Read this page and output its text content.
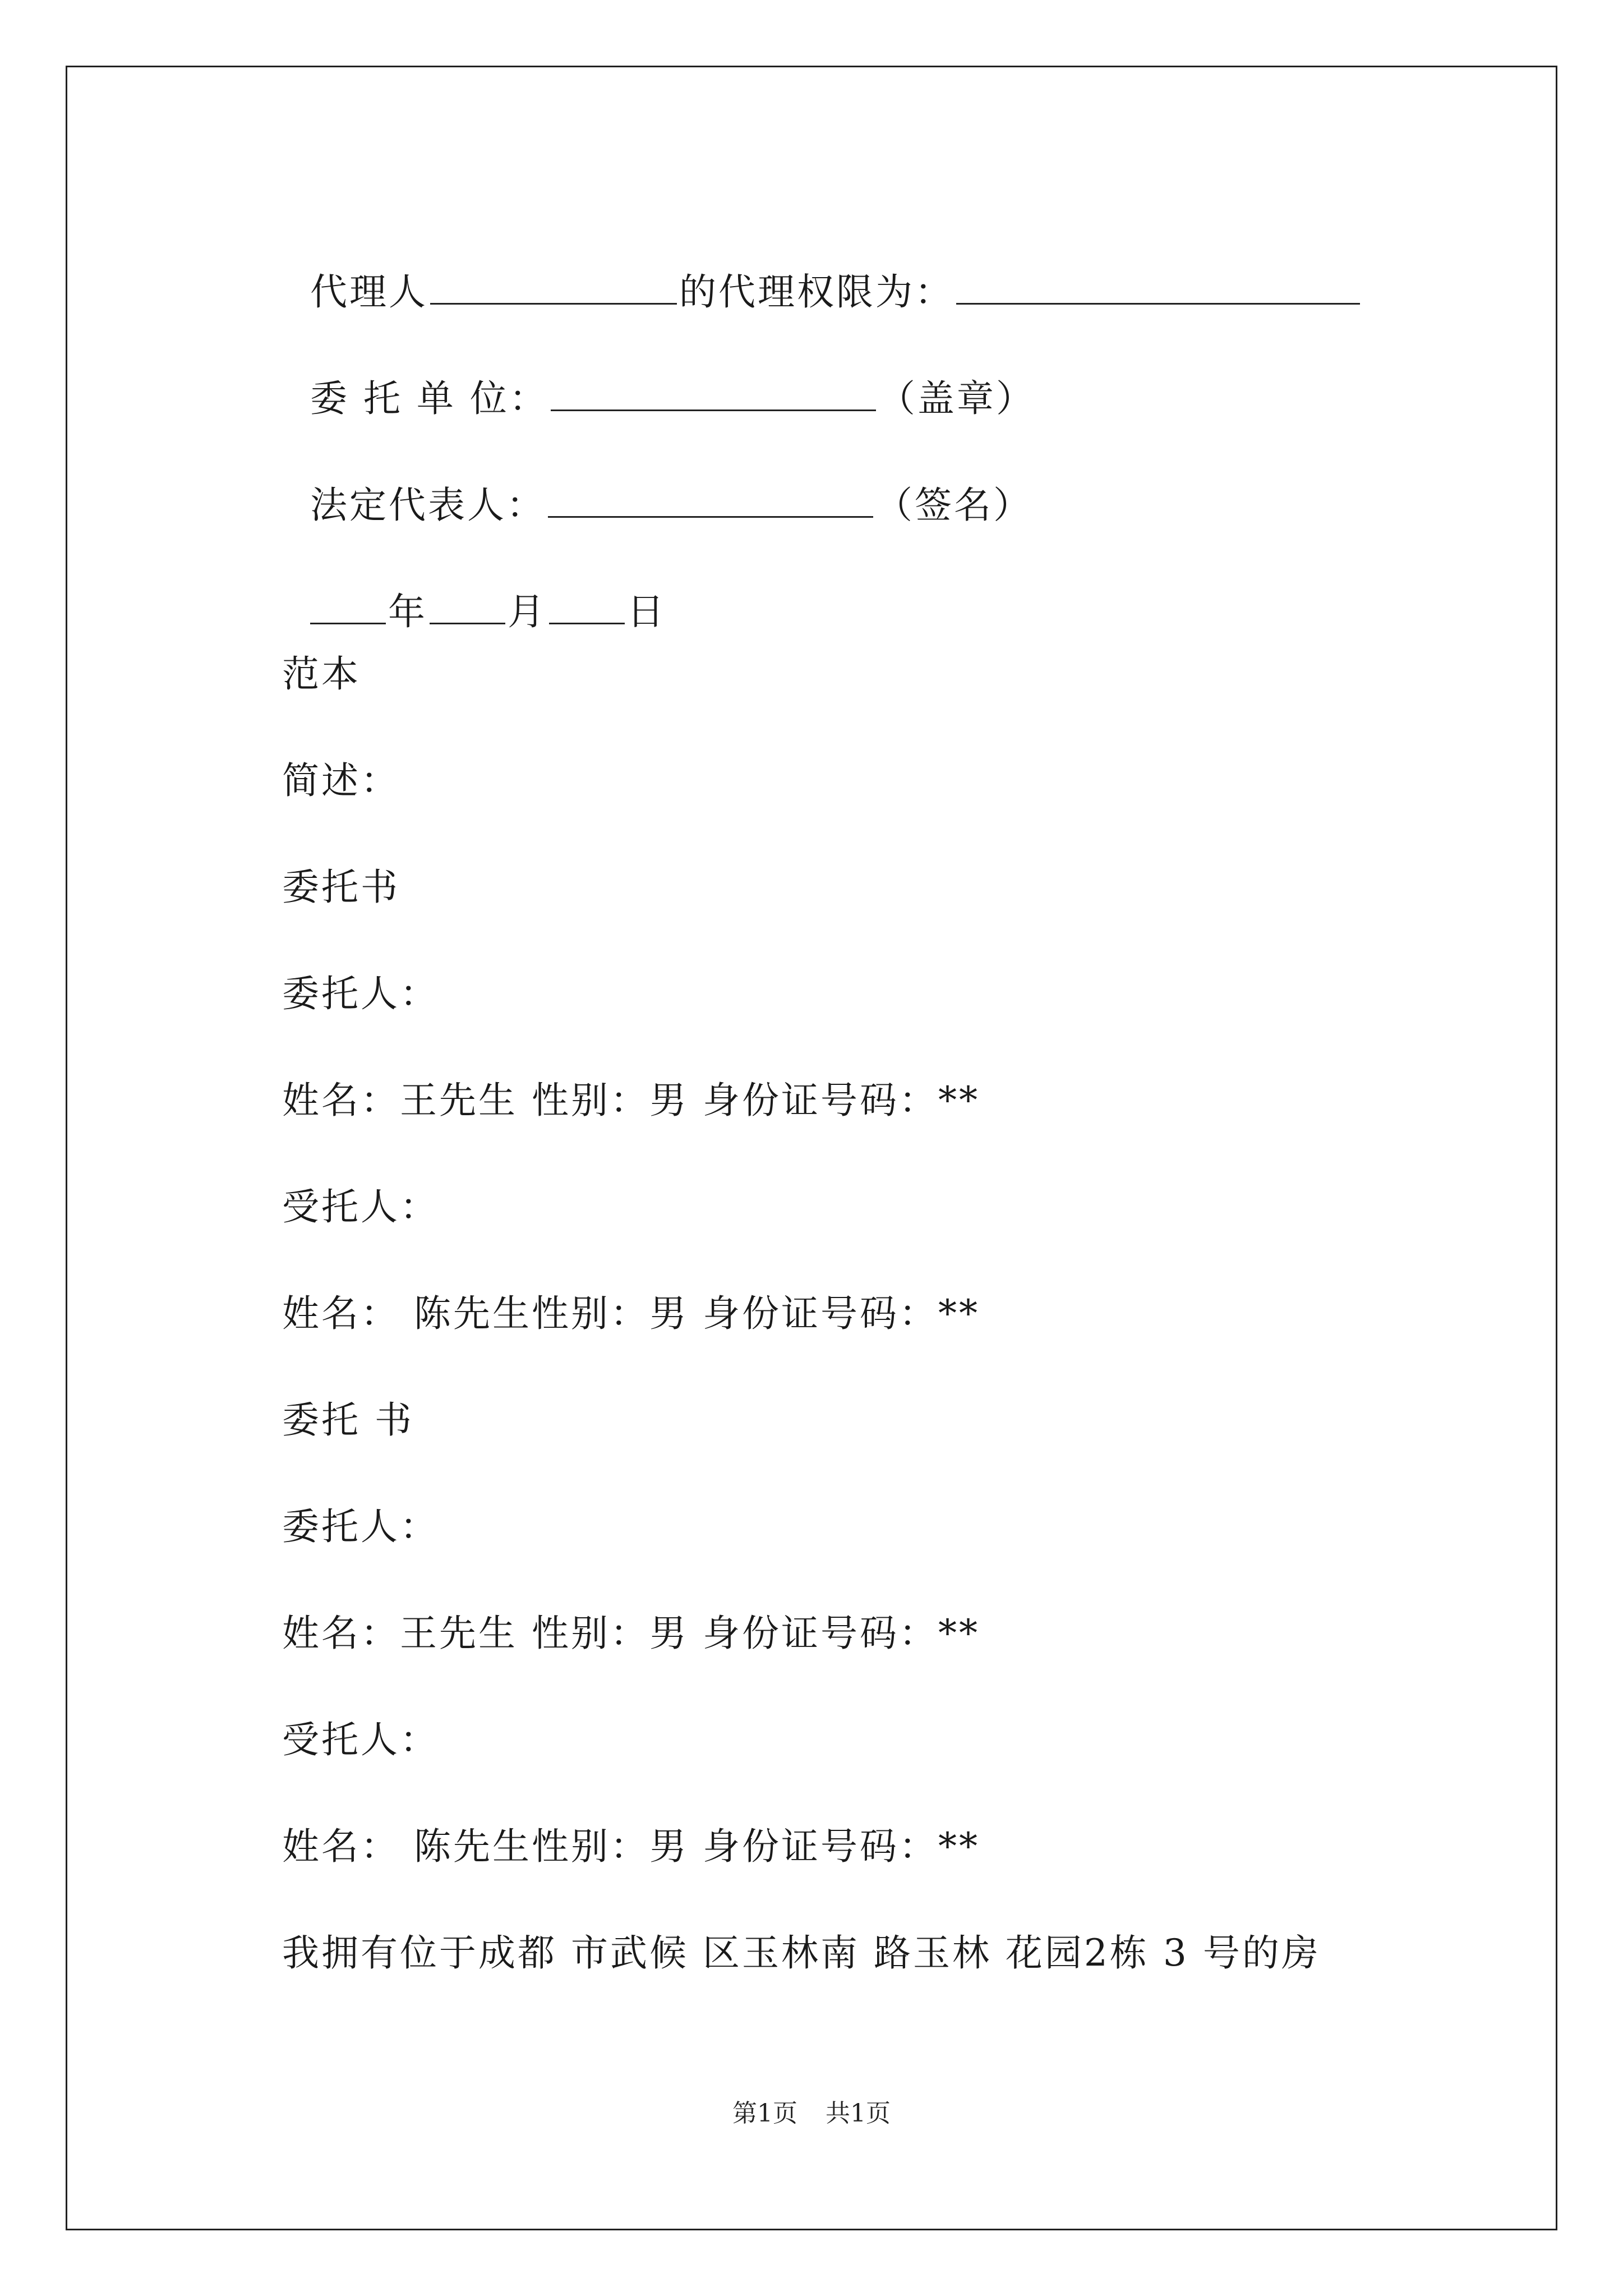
代理人	的代理权限为：

委 托 单 位：	（盖章）

法定代表人：	（签名）

年 月 日

范本
简述：
委托书
委托人：
姓名：王先生 性别：男 身份证号码：**
受托人：
姓名： 陈先生性别：男 身份证号码：**
委托 书
委托人：
姓名：王先生 性别：男 身份证号码：**
受托人：
姓名： 陈先生性别：男 身份证号码：**
我拥有位于成都 市武候 区玉林南 路玉林 花园2栋 3 号的房
第1页 共1页
